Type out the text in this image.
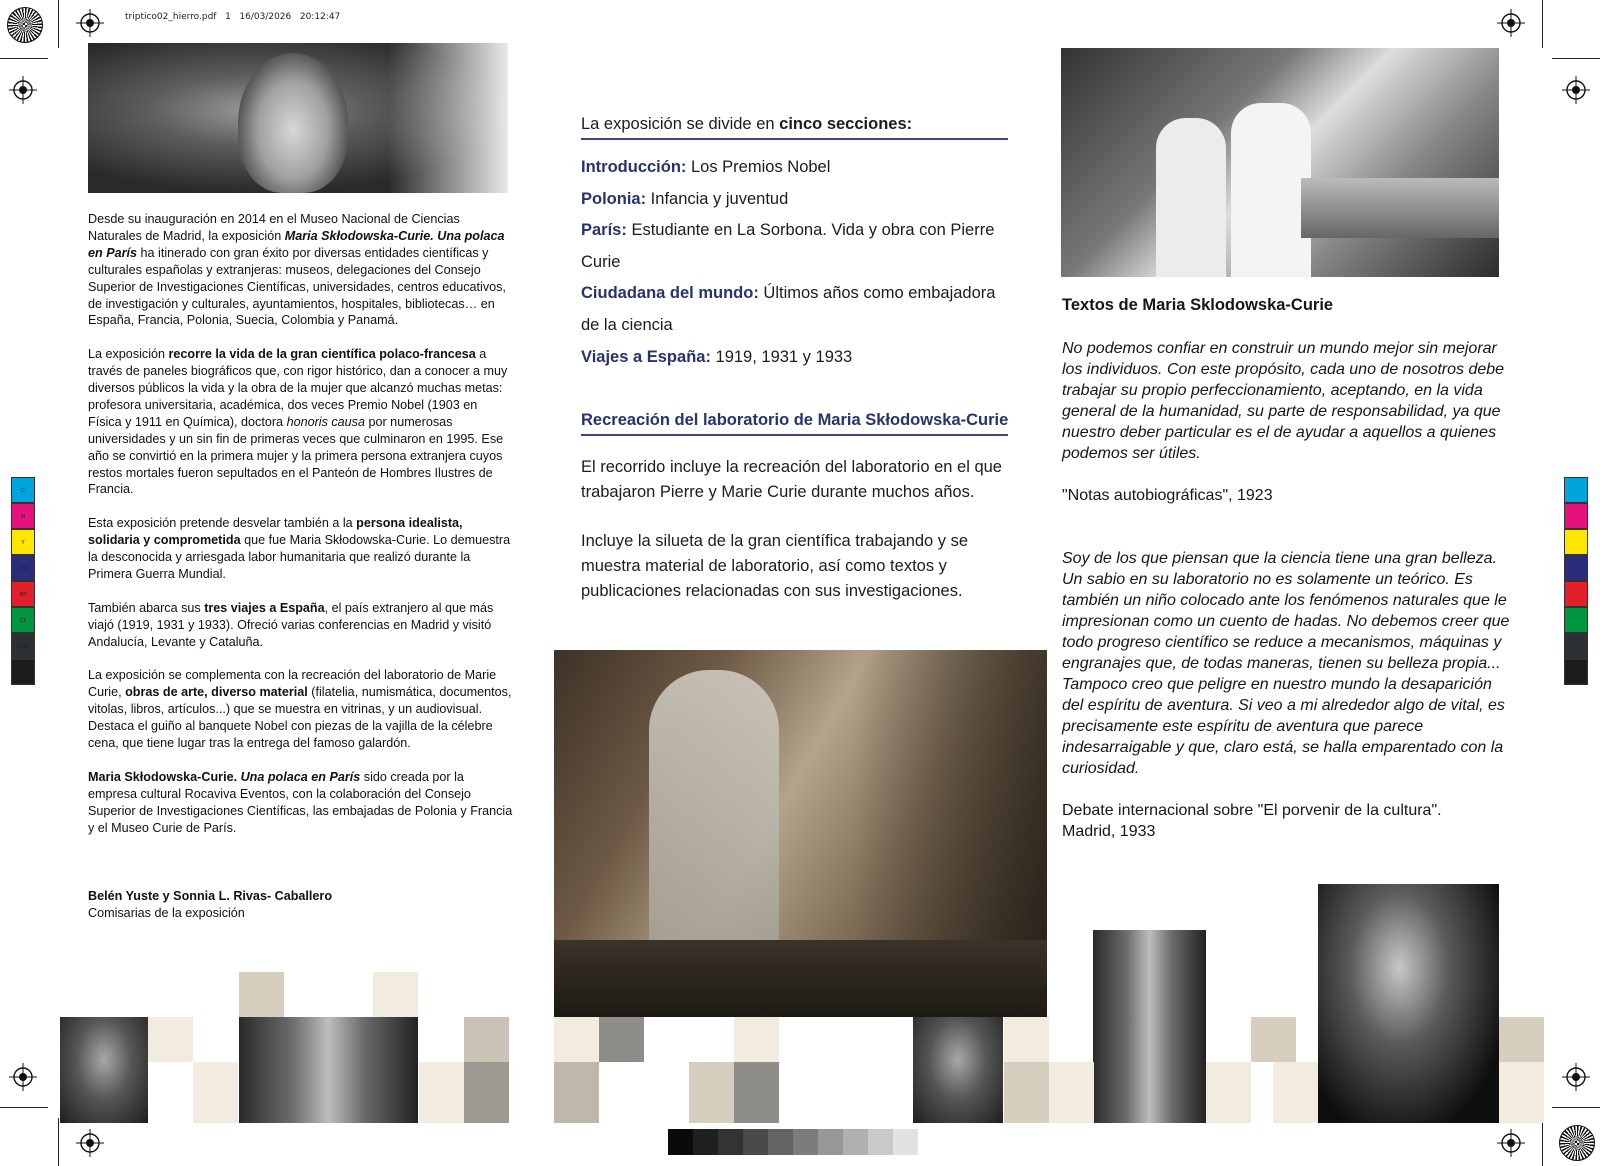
triptico02_hierro.pdf 1 16/03/2026 20:12:47
C
M
Y
CM
MY
CY
CMY
K

Desde su inauguración en 2014 en el Museo Nacional de Ciencias Naturales de Madrid, la exposición Maria Skłodowska-Curie. Una polaca en París ha itinerado con gran éxito por diversas entidades científicas y culturales españolas y extranjeras: museos, delegaciones del Consejo Superior de Investigaciones Científicas, universidades, centros educativos, de investigación y culturales, ayuntamientos, hospitales, bibliotecas… en España, Francia, Polonia, Suecia, Colombia y Panamá.

La exposición recorre la vida de la gran científica polaco-francesa a través de paneles biográficos que, con rigor histórico, dan a conocer a muy diversos públicos la vida y la obra de la mujer que alcanzó muchas metas: profesora universitaria, académica, dos veces Premio Nobel (1903 en Física y 1911 en Química), doctora honoris causa por numerosas universidades y un sin fin de primeras veces que culminaron en 1995. Ese año se convirtió en la primera mujer y la primera persona extranjera cuyos restos mortales fueron sepultados en el Panteón de Hombres Ilustres de Francia.

Esta exposición pretende desvelar también a la persona idealista, solidaria y comprometida que fue Maria Skłodowska-Curie. Lo demuestra la desconocida y arriesgada labor humanitaria que realizó durante la Primera Guerra Mundial.

También abarca sus tres viajes a España, el país extranjero al que más viajó (1919, 1931 y 1933). Ofreció varias conferencias en Madrid y visitó Andalucía, Levante y Cataluña.

La exposición se complementa con la recreación del laboratorio de Marie Curie, obras de arte, diverso material (filatelia, numismática, documentos, vitolas, libros, artículos...) que se muestra en vitrinas, y un audiovisual. Destaca el guiño al banquete Nobel con piezas de la vajilla de la célebre cena, que tiene lugar tras la entrega del famoso galardón.

Maria Skłodowska-Curie. Una polaca en París sido creada por la empresa cultural Rocaviva Eventos, con la colaboración del Consejo Superior de Investigaciones Científicas, las embajadas de Polonia y Francia y el Museo Curie de París.

Belén Yuste y Sonnia L. Rivas- Caballero
Comisarias de la exposición
La exposición se divide en cinco secciones:
Introducción: Los Premios Nobel
Polonia: Infancia y juventud
París: Estudiante en La Sorbona. Vida y obra con Pierre Curie
Ciudadana del mundo: Últimos años como embajadora de la ciencia
Viajes a España: 1919, 1931 y 1933
Recreación del laboratorio de Maria Skłodowska-Curie

El recorrido incluye la recreación del laboratorio en el que trabajaron Pierre y Marie Curie durante muchos años.

Incluye la silueta de la gran científica trabajando y se muestra material de laboratorio, así como textos y publicaciones relacionadas con sus investigaciones.

Textos de Maria Sklodowska-Curie
No podemos confiar en construir un mundo mejor sin mejorar los individuos. Con este propósito, cada uno de nosotros debe trabajar su propio perfeccionamiento, aceptando, en la vida general de la humanidad, su parte de responsabilidad, ya que nuestro deber particular es el de ayudar a aquellos a quienes podemos ser útiles.
"Notas autobiográficas", 1923
Soy de los que piensan que la ciencia tiene una gran belleza. Un sabio en su laboratorio no es solamente un teórico. Es también un niño colocado ante los fenómenos naturales que le impresionan como un cuento de hadas. No debemos creer que todo progreso científico se reduce a mecanismos, máquinas y engranajes que, de todas maneras, tienen su belleza propia... Tampoco creo que peligre en nuestro mundo la desaparición del espíritu de aventura. Si veo a mi alrededor algo de vital, es precisamente este espíritu de aventura que parece indesarraigable y que, claro está, se halla emparentado con la curiosidad.
Debate internacional sobre "El porvenir de la cultura".
Madrid, 1933
